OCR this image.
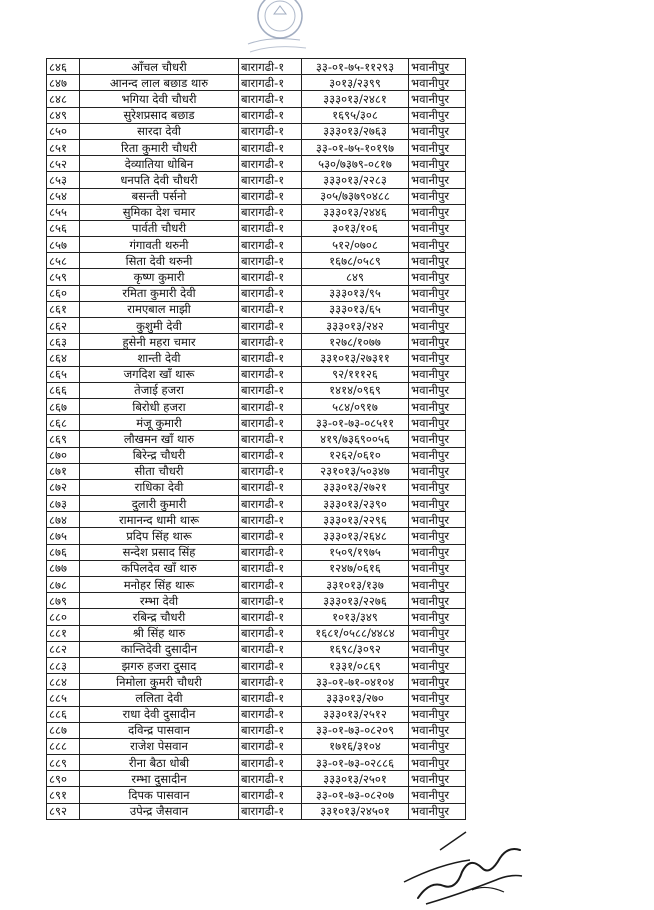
८४६	आँचल चौधरी	बारागढी-१	३३-०१-७५-११२९३	भवानीपुर
८४७	आनन्द लाल बछाड थारु	बारागढी-१	३०१३/२३९९	भवानीपुर
८४८	भगिया देवी चौधरी	बारागढी-१	३३३०१३/२४८१	भवानीपुर
८४९	सुरेशप्रसाद बछाड	बारागढी-१	१६९५/३०८	भवानीपुर
८५०	सारदा देवी	बारागढी-१	३३३०१३/२७६३	भवानीपुर
८५१	रिता कुमारी चौधरी	बारागढी-१	३३-०१-७५-१०१९७	भवानीपुर
८५२	देव्यातिया धोबिन	बारागढी-१	५३०/७३७९-०८१७	भवानीपुर
८५३	धनपति देवी चौधरी	बारागढी-१	३३३०१३/२२८३	भवानीपुर
८५४	बसन्ती पर्सनो	बारागढी-१	३०५/७३७९०४८८	भवानीपुर
८५५	सुमिका देश चमार	बारागढी-१	३३३०१३/२४४६	भवानीपुर
८५६	पार्वती चौधरी	बारागढी-१	३०१३/१०६	भवानीपुर
८५७	गंगावती थरुनी	बारागढी-१	५१२/०७०८	भवानीपुर
८५८	सिता देवी थरुनी	बारागढी-१	१६७८/०५८९	भवानीपुर
८५९	कृष्ण कुमारी	बारागढी-१	८४९	भवानीपुर
८६०	रमिता कुमारी देवी	बारागढी-१	३३३०१३/९५	भवानीपुर
८६१	रामएबाल माझी	बारागढी-१	३३३०१३/६५	भवानीपुर
८६२	कुशुमी देवी	बारागढी-१	३३३०१३/२४२	भवानीपुर
८६३	हुसेनी महरा चमार	बारागढी-१	१२७८/१०७७	भवानीपुर
८६४	शान्ती देवी	बारागढी-१	३३१०१३/२७३११	भवानीपुर
८६५	जगदिश खाँ थारू	बारागढी-१	९२/१११२६	भवानीपुर
८६६	तेजाई हजरा	बारागढी-१	१४१४/०९६९	भवानीपुर
८६७	बिरोधी हजरा	बारागढी-१	५८४/०९१७	भवानीपुर
८६८	मंजू कुमारी	बारागढी-१	३३-०१-७३-०८५११	भवानीपुर
८६९	लौखमन खाँ थारु	बारागढी-१	४१९/७३६९००५६	भवानीपुर
८७०	बिरेन्द्र चौधरी	बारागढी-१	१२६२/०६१०	भवानीपुर
८७१	सीता चौधरी	बारागढी-१	२३१०१३/५०३४७	भवानीपुर
८७२	राधिका देवी	बारागढी-१	३३३०१३/२७२१	भवानीपुर
८७३	दुलारी कुमारी	बारागढी-१	३३३०१३/२३९०	भवानीपुर
८७४	रामानन्द धामी थारू	बारागढी-१	३३३०१३/२२९६	भवानीपुर
८७५	प्रदिप सिंह थारू	बारागढी-१	३३३०१३/२६४८	भवानीपुर
८७६	सन्देश प्रसाद सिंह	बारागढी-१	१५०९/१९७५	भवानीपुर
८७७	कपिलदेव खाँ थारु	बारागढी-१	१२४७/०६१६	भवानीपुर
८७८	मनोहर सिंह थारू	बारागढी-१	३३१०१३/१३७	भवानीपुर
८७९	रम्भा देवी	बारागढी-१	३३३०१३/२२७६	भवानीपुर
८८०	रबिन्द्र चौधरी	बारागढी-१	१०१३/३४९	भवानीपुर
८८१	श्री सिंह थारु	बारागढी-१	१६८१/०५८८/४४८४	भवानीपुर
८८२	कान्तिदेवी दुसादीन	बारागढी-१	१६९८/३०९२	भवानीपुर
८८३	झगरु हजरा दुसाद	बारागढी-१	१३३१/०८६९	भवानीपुर
८८४	निमोला कुमरी चौधरी	बारागढी-१	३३-०१-७१-०४१०४	भवानीपुर
८८५	ललिता देवी	बारागढी-१	३३३०१३/२७०	भवानीपुर
८८६	राधा देवी दुसादीन	बारागढी-१	३३३०१३/२५१२	भवानीपुर
८८७	दविन्द्र पासवान	बारागढी-१	३३-०१-७३-०८२०९	भवानीपुर
८८८	राजेश पेसवान	बारागढी-१	१७१६/३१०४	भवानीपुर
८८९	रीना बैठा धोबी	बारागढी-१	३३-०१-७३-०२८८६	भवानीपुर
८९०	रम्भा दुसादीन	बारागढी-१	३३३०१३/२५०१	भवानीपुर
८९१	दिपक पासवान	बारागढी-१	३३-०१-७३-०८२०७	भवानीपुर
८९२	उपेन्द्र जैसवान	बारागढी-१	३३१०१३/२४५०१	भवानीपुर
